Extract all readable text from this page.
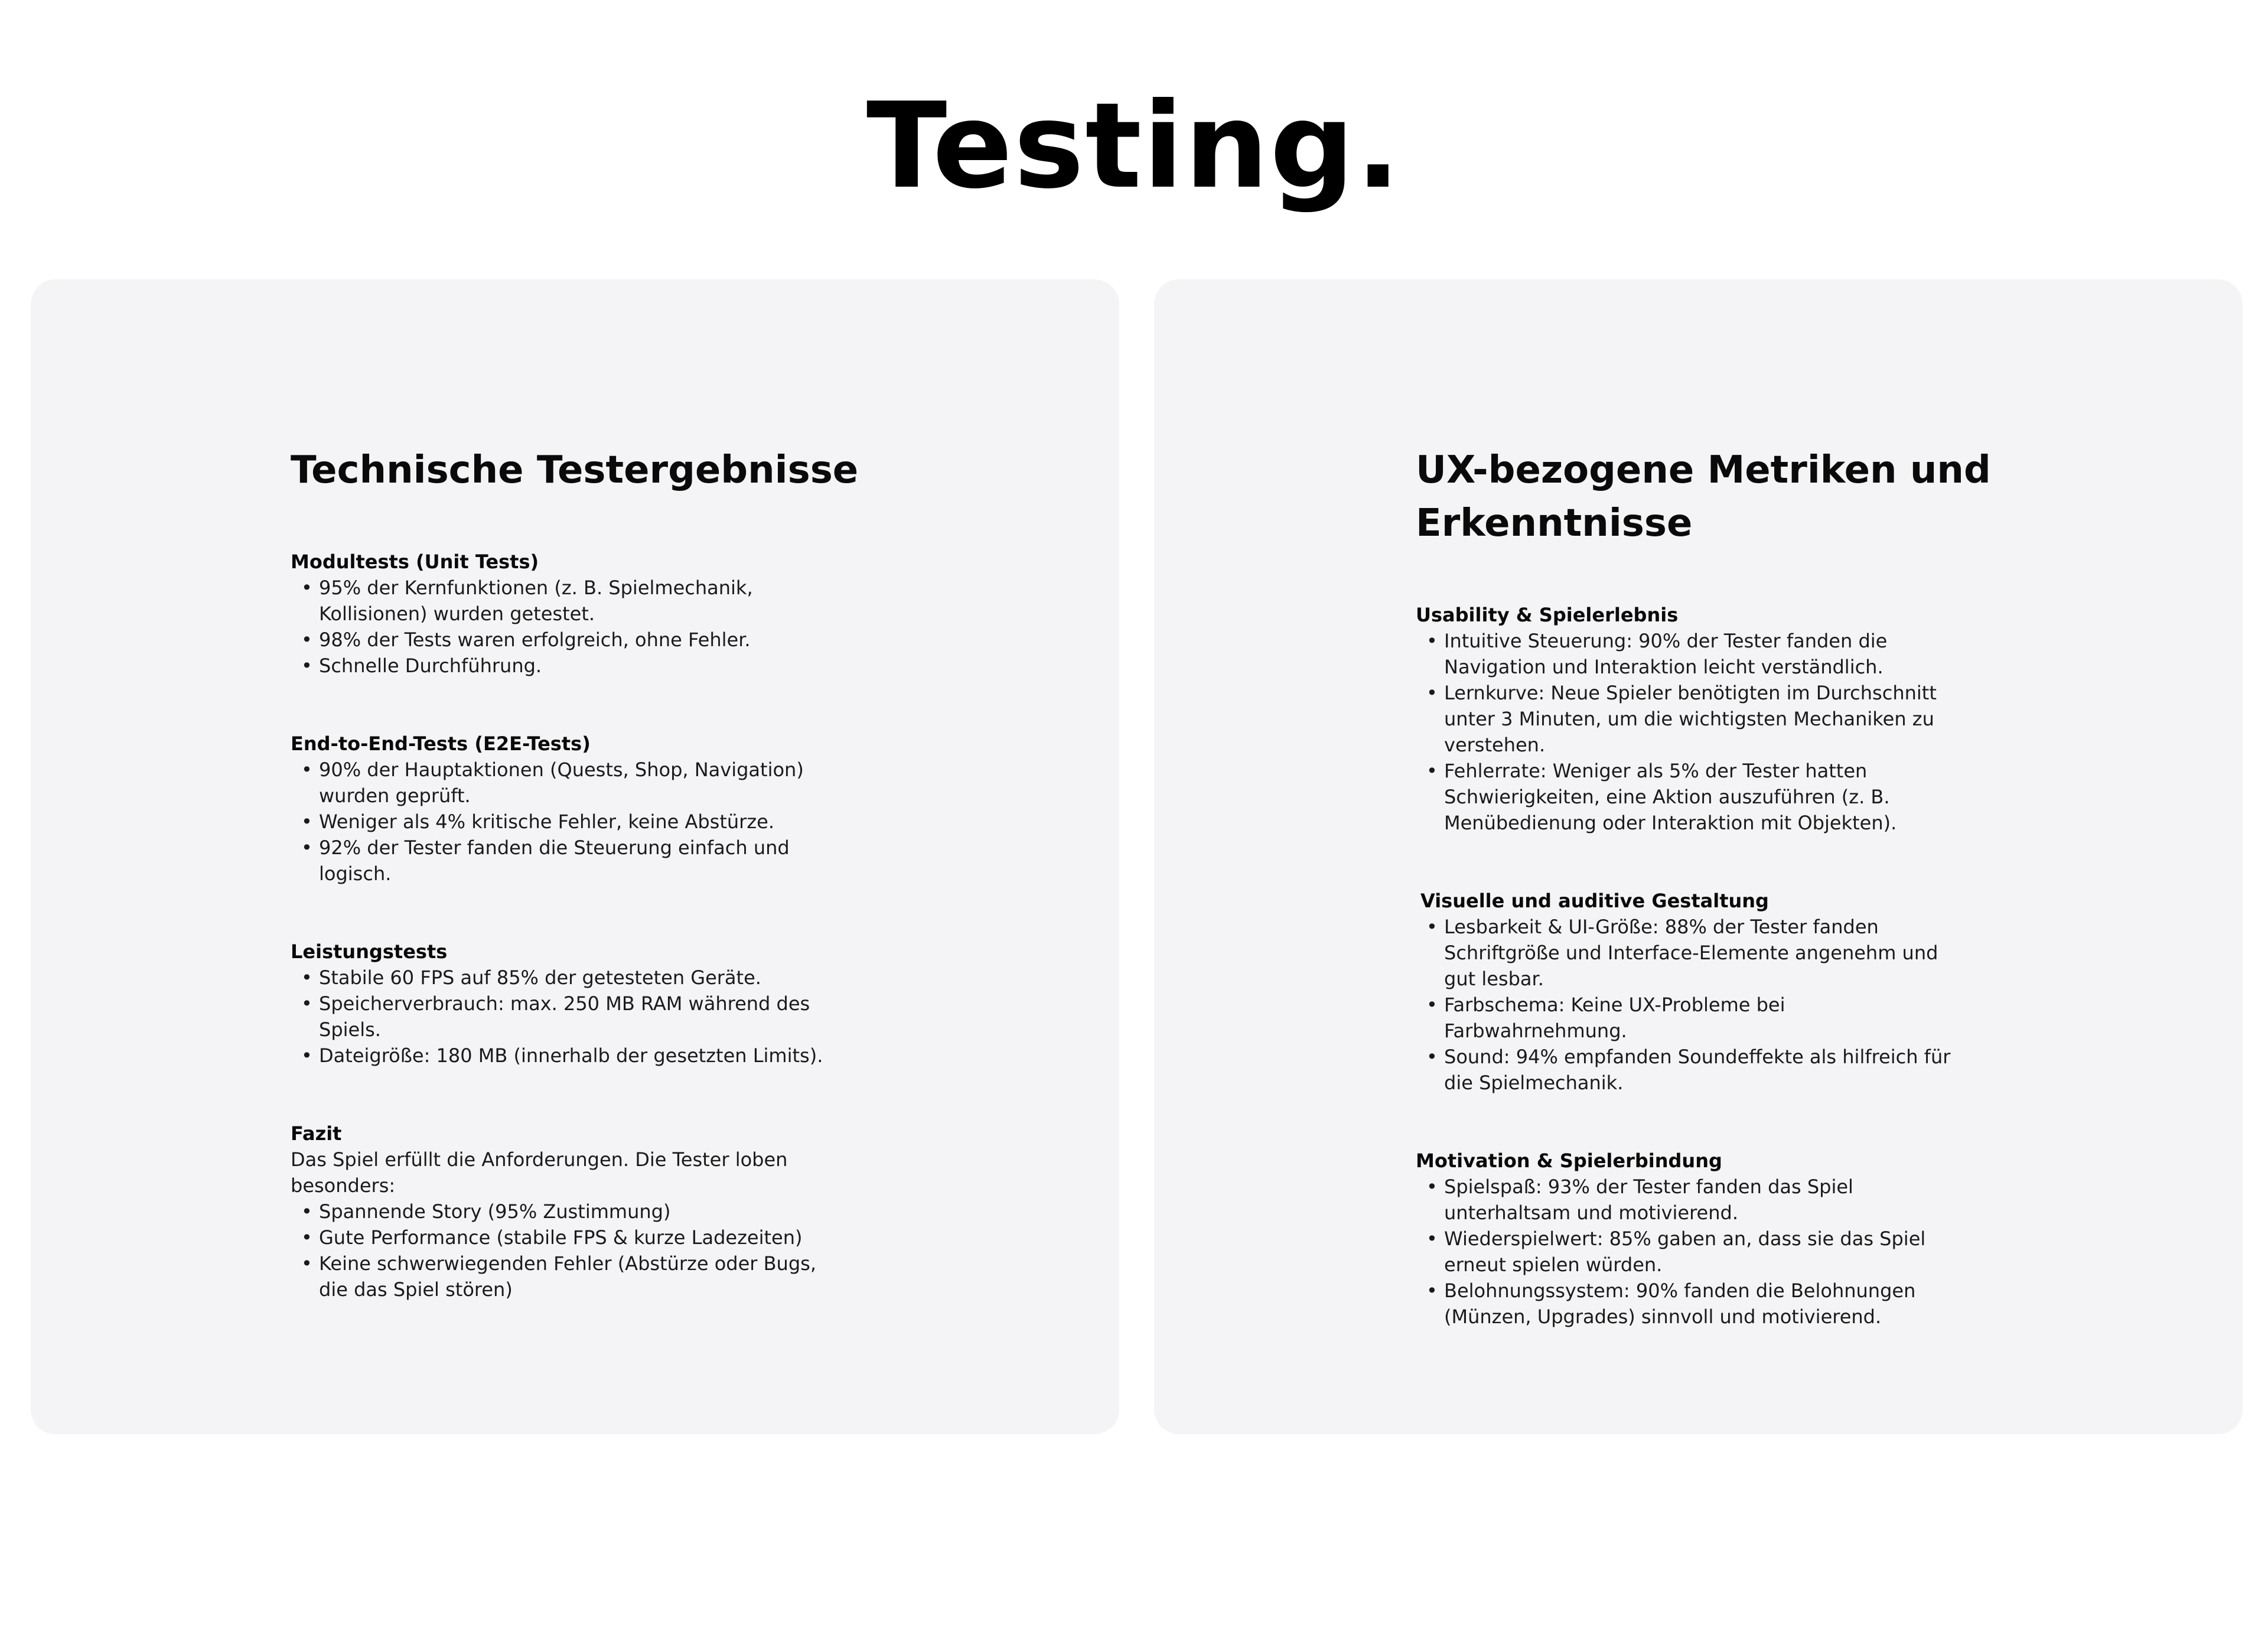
Testing.
Technische Testergebnisse
Modultests (Unit Tests)
• 95% der Kernfunktionen (z. B. Spielmechanik, Kollisionen) wurden getestet.
• 98% der Tests waren erfolgreich, ohne Fehler.
• Schnelle Durchführung.
End-to-End-Tests (E2E-Tests)
• 90% der Hauptaktionen (Quests, Shop, Navigation) wurden geprüft.
• Weniger als 4% kritische Fehler, keine Abstürze.
• 92% der Tester fanden die Steuerung einfach und logisch.
Leistungstests
• Stabile 60 FPS auf 85% der getesteten Geräte.
• Speicherverbrauch: max. 250 MB RAM während des Spiels.
• Dateigröße: 180 MB (innerhalb der gesetzten Limits).
Fazit
Das Spiel erfüllt die Anforderungen. Die Tester loben besonders:
• Spannende Story (95% Zustimmung)
• Gute Performance (stabile FPS & kurze Ladezeiten)
• Keine schwerwiegenden Fehler (Abstürze oder Bugs, die das Spiel stören)
UX-bezogene Metriken und Erkenntnisse
Usability & Spielerlebnis
• Intuitive Steuerung: 90% der Tester fanden die Navigation und Interaktion leicht verständlich.
• Lernkurve: Neue Spieler benötigten im Durchschnitt unter 3 Minuten, um die wichtigsten Mechaniken zu verstehen.
• Fehlerrate: Weniger als 5% der Tester hatten Schwierigkeiten, eine Aktion auszuführen (z. B. Menübedienung oder Interaktion mit Objekten).
Visuelle und auditive Gestaltung
• Lesbarkeit & UI-Größe: 88% der Tester fanden Schriftgröße und Interface-Elemente angenehm und gut lesbar.
• Farbschema: Keine UX-Probleme bei Farbwahrnehmung.
• Sound: 94% empfanden Soundeffekte als hilfreich für die Spielmechanik.
Motivation & Spielerbindung
• Spielspaß: 93% der Tester fanden das Spiel unterhaltsam und motivierend.
• Wiederspielwert: 85% gaben an, dass sie das Spiel erneut spielen würden.
• Belohnungssystem: 90% fanden die Belohnungen (Münzen, Upgrades) sinnvoll und motivierend.
